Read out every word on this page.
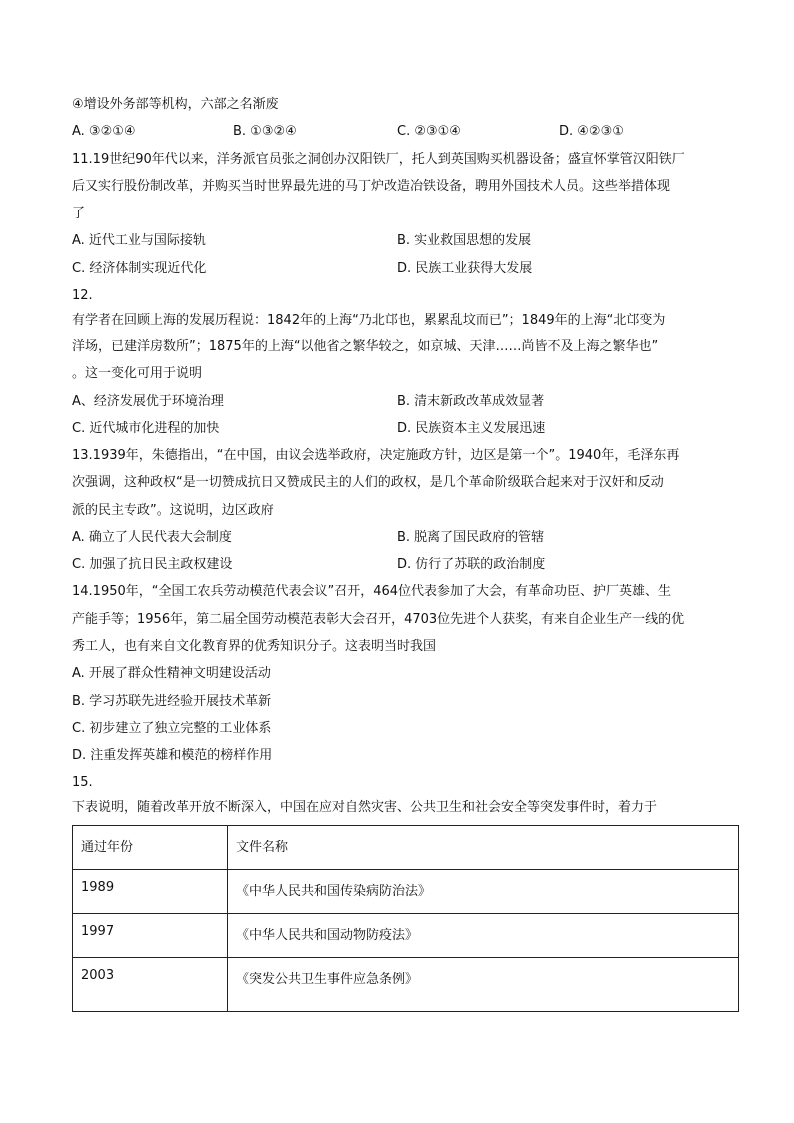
④增设外务部等机构，六部之名渐废
A. ③②①④	B. ①③②④	C. ②③①④	D. ④②③①
11.19世纪90年代以来，洋务派官员张之洞创办汉阳铁厂，托人到英国购买机器设备；盛宣怀掌管汉阳铁厂
后又实行股份制改革，并购买当时世界最先进的马丁炉改造冶铁设备，聘用外国技术人员。这些举措体现
了
A. 近代工业与国际接轨	B. 实业救国思想的发展
C. 经济体制实现近代化	D. 民族工业获得大发展
12.
有学者在回顾上海的发展历程说：1842年的上海“乃北邙也，累累乱坟而已”；1849年的上海“北邙变为
洋场，已建洋房数所”；1875年的上海“以他省之繁华较之，如京城、天津……尚皆不及上海之繁华也”
。这一变化可用于说明
A、经济发展优于环境治理	B. 清末新政改革成效显著
C. 近代城市化进程的加快	D. 民族资本主义发展迅速
13.1939年，朱德指出，“在中国，由议会选举政府，决定施政方针，边区是第一个”。1940年，毛泽东再
次强调，这种政权“是一切赞成抗日又赞成民主的人们的政权，是几个革命阶级联合起来对于汉奸和反动
派的民主专政”。这说明，边区政府
A. 确立了人民代表大会制度	B. 脱离了国民政府的管辖
C. 加强了抗日民主政权建设	D. 仿行了苏联的政治制度
14.1950年，“全国工农兵劳动模范代表会议”召开，464位代表参加了大会，有革命功臣、护厂英雄、生
产能手等；1956年，第二届全国劳动模范表彰大会召开，4703位先进个人获奖，有来自企业生产一线的优
秀工人，也有来自文化教育界的优秀知识分子。这表明当时我国
A. 开展了群众性精神文明建设活动
B. 学习苏联先进经验开展技术革新
C. 初步建立了独立完整的工业体系
D. 注重发挥英雄和模范的榜样作用
15.
下表说明，随着改革开放不断深入，中国在应对自然灾害、公共卫生和社会安全等突发事件时，着力于
通过年份	文件名称
1989	《中华人民共和国传染病防治法》
1997	《中华人民共和国动物防疫法》
2003	《突发公共卫生事件应急条例》
